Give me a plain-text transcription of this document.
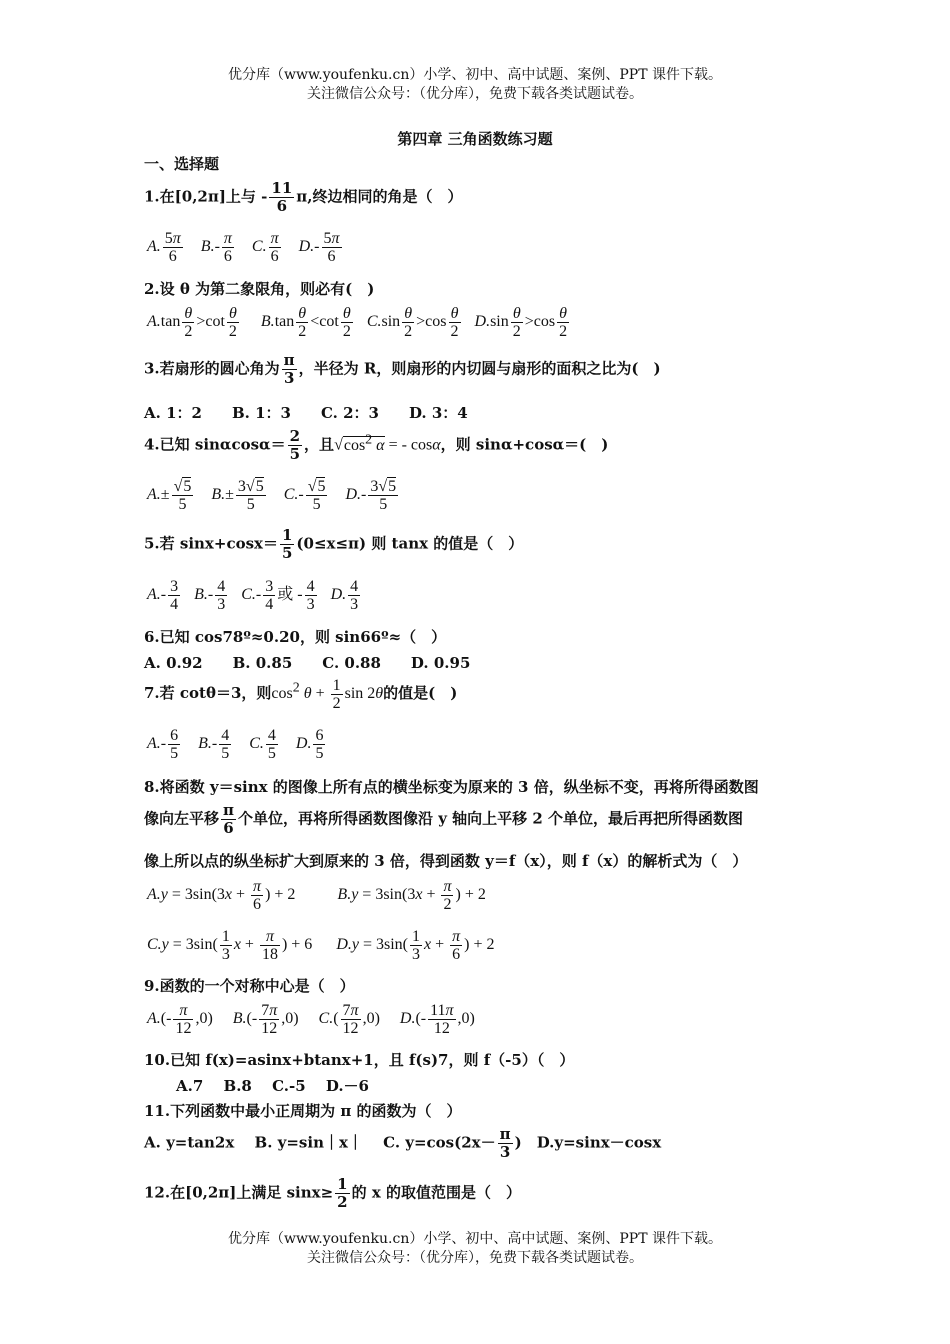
优分库（www.youfenku.cn）小学、初中、高中试题、案例、PPT 课件下载。
关注微信公众号：（优分库），免费下载各类试题试卷。
第四章 三角函数练习题
一、选择题
1.在[0,2π]上与 - $\frac{11}{6} \pi$,终边相同的角是（　）
A. $\frac{5\pi}{6} B.- \frac{\pi}{6} C$. $\frac{\pi}{6} D.- \frac{5\pi}{6}$
2.设 θ 为第二象限角，则必有(　)
$A.\tan \frac{\theta}{2} >\cot \frac{\theta}{2} B.\tan \frac{\theta}{2} <\cot \frac{\theta}{2} C.\sin \frac{\theta}{2} >\cos \frac{\theta}{2} D.\sin \frac{\theta}{2} >\cos \frac{\theta}{2}$
3.若扇形的圆心角为 $\frac{\pi}{3}$ ，半径为 R，则扇形的内切圆与扇形的面积之比为(　)
A. 1：2　　B. 1：3　　C. 2：3　　D. 3：4
4.已知 $\sin\alpha\cos\alpha= \frac{2}{5}$ ，且$√\cos^2$ α = - cosα，则 sinα+cosα＝(　)
$A.\pm \frac{√5}{5} B.\pm \frac{3√5}{5} C.- \frac{√5}{5} D.- \frac{3√5}{5}$
5.若 $\sin x+\cos x= \frac{1}{5} (0\le x\le\pi)$ 则 tanx 的值是（　）
$A.- \frac{3}{4} B.- \frac{4}{3} C.- \frac{3}{4}$ 或 - $\frac{4}{3} D$. $\frac{4}{3}$
6.已知 cos78º≈0.20，则 sin66º≈（　）
A. 0.92　　B. 0.85　　C. 0.88　　D. 0.95
7.若 cotθ＝3，则$\cos^2 \theta + \frac{1}{2}$ sin 2θ的值是(　)
$A.- \frac{6}{5} B.- \frac{4}{5} C$. $\frac{4}{5} D$. $\frac{6}{5}$
8.将函数 y＝sinx 的图像上所有点的横坐标变为原来的 3 倍，纵坐标不变，再将所得函数图
像向左平移 $\frac{\pi}{6}$ 个单位，再将所得函数图像沿 y 轴向上平移 2 个单位，最后再把所得函数图
像上所以点的纵坐标扩大到原来的 3 倍，得到函数 y＝f（x），则 f（x）的解析式为（　）
$A.y = 3\sin(3x + \frac{\pi}{6}$ ) + 2 $B.y = 3\sin(3x + \frac{\pi}{2}$ ) + 2
$C.y = 3\sin( \frac{1}{3}$ $x + \frac{\pi}{18}$ ) + 6 $D.y = 3\sin( \frac{1}{3}$ $x + \frac{\pi}{6}$ ) + 2
9.函数的一个对称中心是（　）
$A.(- \frac{\pi}{12} ,0)$     $B.(- \frac{7\pi}{12} ,0)$     $C.( \frac{7\pi}{12} ,0)$     $D.(- \frac{11\pi}{12} ,0)$
10.已知 f(x)=asinx+btanx+1，且 f(s)7，则 f（-5）（　）
A.7　 B.8　 C.-5　 D.－6
11.下列函数中最小正周期为 π 的函数为（　）
A. y=tan2x　 B. y=sin｜x｜　 C. $y=\cos(2x- \frac{\pi}{3}$ )　D.y=sinx－cosx
12.在[0,2π]上满足 $\sin x\ge \frac{1}{2}$ 的 x 的取值范围是（　）
优分库（www.youfenku.cn）小学、初中、高中试题、案例、PPT 课件下载。
关注微信公众号：（优分库），免费下载各类试题试卷。
